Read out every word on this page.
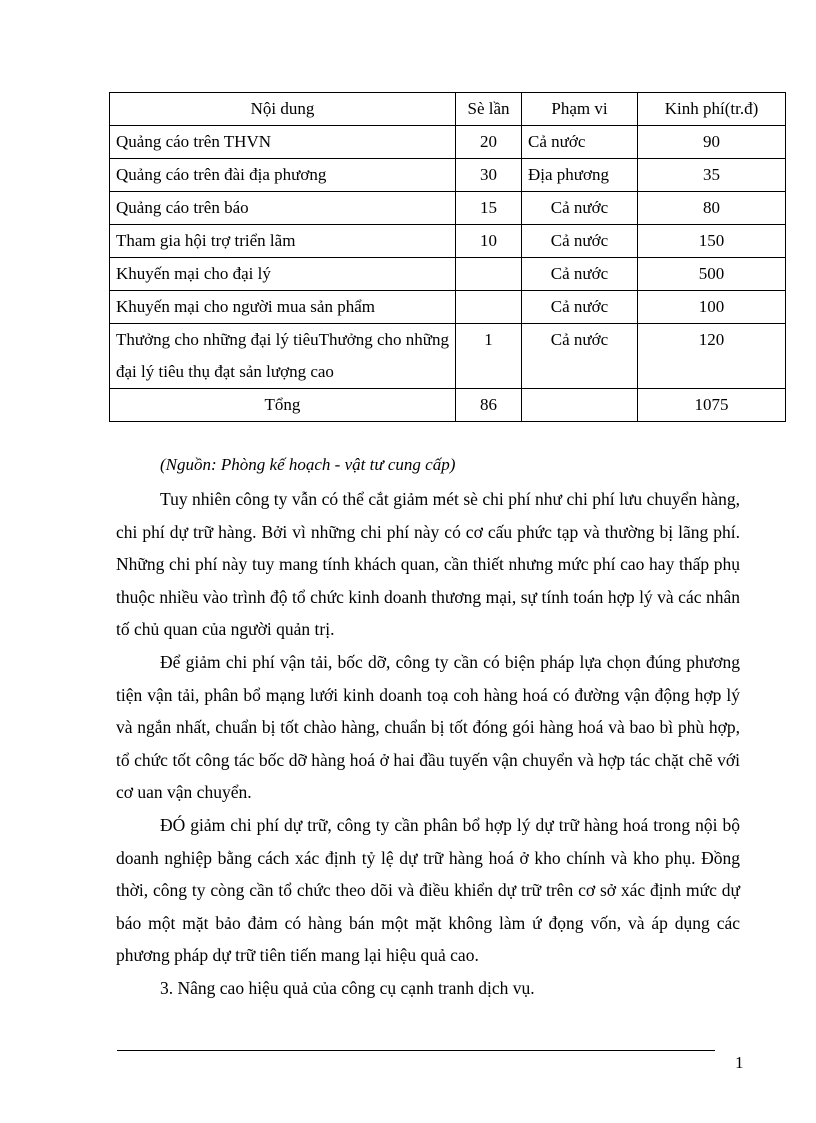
Nội dung	Sè lần	Phạm vi	Kinh phí(tr.đ)
Quảng cáo trên THVN	20	Cả nước	90
Quảng cáo trên đài địa phương	30	Địa phương	35
Quảng cáo trên báo	15	Cả nước	80
Tham gia hội trợ triển lãm	10	Cả nước	150
Khuyến mại cho đại lý		Cả nước	500
Khuyến mại cho người mua sản phẩm		Cả nước	100
Thưởng cho những đại lý tiêuThưởng cho những đại lý tiêu thụ đạt sản lượng cao	1	Cả nước	120
Tổng	86		1075
(Nguồn: Phòng kế hoạch - vật tư cung cấp)

Tuy nhiên công ty vẫn có thể cắt giảm mét sè chi phí như chi phí lưu chuyển hàng, chi phí dự trữ hàng. Bởi vì những chi phí này có cơ cấu phức tạp và thường bị lãng phí. Những chi phí này tuy mang tính khách quan, cần thiết nhưng mức phí cao hay thấp phụ thuộc nhiều vào trình độ tổ chức kinh doanh thương mại, sự tính toán hợp lý và các nhân tố chủ quan của người quản trị.

Để giảm chi phí vận tải, bốc dỡ, công ty cần có biện pháp lựa chọn đúng phương tiện vận tải, phân bổ mạng lưới kinh doanh toạ coh hàng hoá có đường vận động hợp lý và ngắn nhất, chuẩn bị tốt chào hàng, chuẩn bị tốt đóng gói hàng hoá và bao bì phù hợp, tổ chức tốt công tác bốc dỡ hàng hoá ở hai đầu tuyến vận chuyển và hợp tác chặt chẽ với cơ uan vận chuyển.

ĐÓ giảm chi phí dự trữ, công ty cần phân bổ hợp lý dự trữ hàng hoá trong nội bộ doanh nghiệp bằng cách xác định tỷ lệ dự trữ hàng hoá ở kho chính và kho phụ. Đồng thời, công ty còng cần tổ chức theo dõi và điều khiển dự trữ trên cơ sở xác định mức dự báo một mặt bảo đảm có hàng bán một mặt không làm ứ đọng vốn, và áp dụng các phương pháp dự trữ tiên tiến mang lại hiệu quả cao.

3. Nâng cao hiệu quả của công cụ cạnh tranh dịch vụ.

1
